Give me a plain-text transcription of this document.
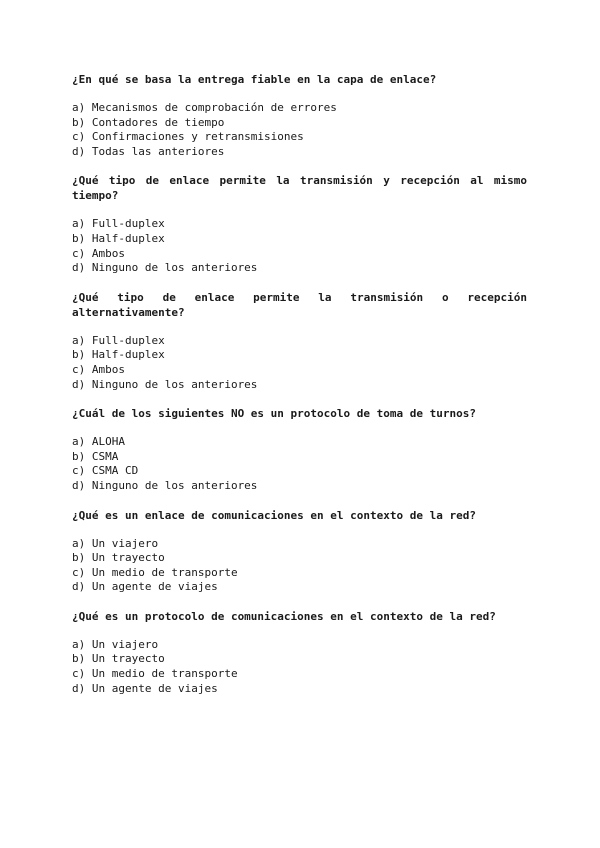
¿En qué se basa la entrega fiable en la capa de enlace?

a) Mecanismos de comprobación de errores
b) Contadores de tiempo
c) Confirmaciones y retransmisiones
d) Todas las anteriores

¿Qué tipo de enlace permite la transmisión y recepción al mismo tiempo?

a) Full-duplex
b) Half-duplex
c) Ambos
d) Ninguno de los anteriores

¿Qué tipo de enlace permite la transmisión o recepción alternativamente?

a) Full-duplex
b) Half-duplex
c) Ambos
d) Ninguno de los anteriores

¿Cuál de los siguientes NO es un protocolo de toma de turnos?

a) ALOHA
b) CSMA
c) CSMA CD
d) Ninguno de los anteriores

¿Qué es un enlace de comunicaciones en el contexto de la red?

a) Un viajero
b) Un trayecto
c) Un medio de transporte
d) Un agente de viajes

¿Qué es un protocolo de comunicaciones en el contexto de la red?

a) Un viajero
b) Un trayecto
c) Un medio de transporte
d) Un agente de viajes
